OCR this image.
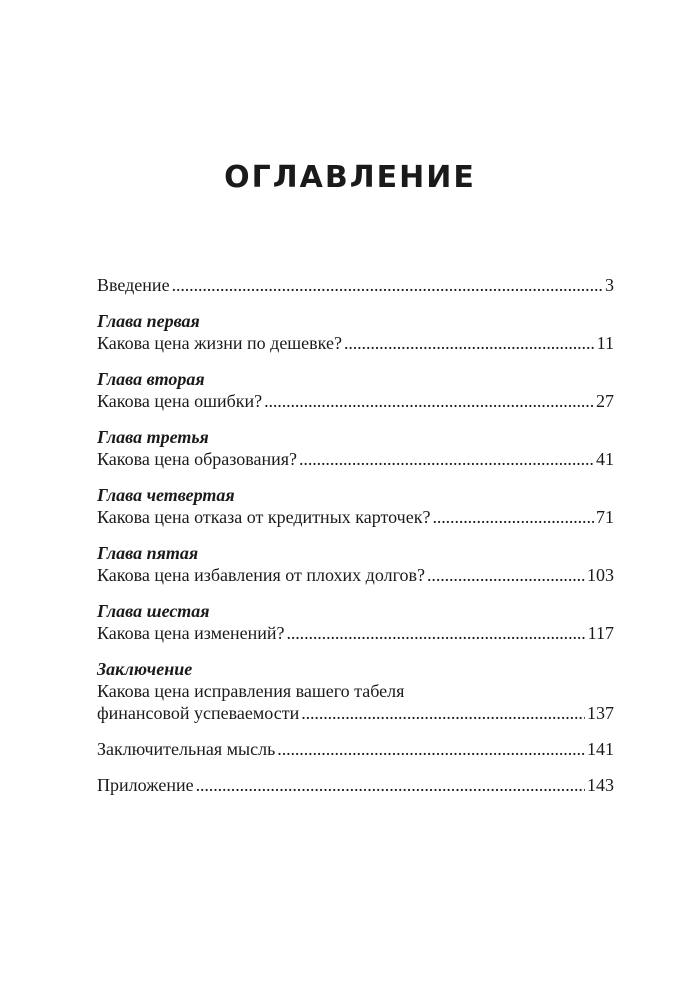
ОГЛАВЛЕНИЕ
Введение . . .	3
Глава первая
Какова цена жизни по дешевке? . . .	11
Глава вторая
Какова цена ошибки? . . .	27
Глава третья
Какова цена образования? . . .	41
Глава четвертая
Какова цена отказа от кредитных карточек? . . .	71
Глава пятая
Какова цена избавления от плохих долгов? . . .	103
Глава шестая
Какова цена изменений? . . .	117
Заключение
Какова цена исправления вашего табеля
финансовой успеваемости . . .	137
Заключительная мысль . . .	141
Приложение . . .	143
